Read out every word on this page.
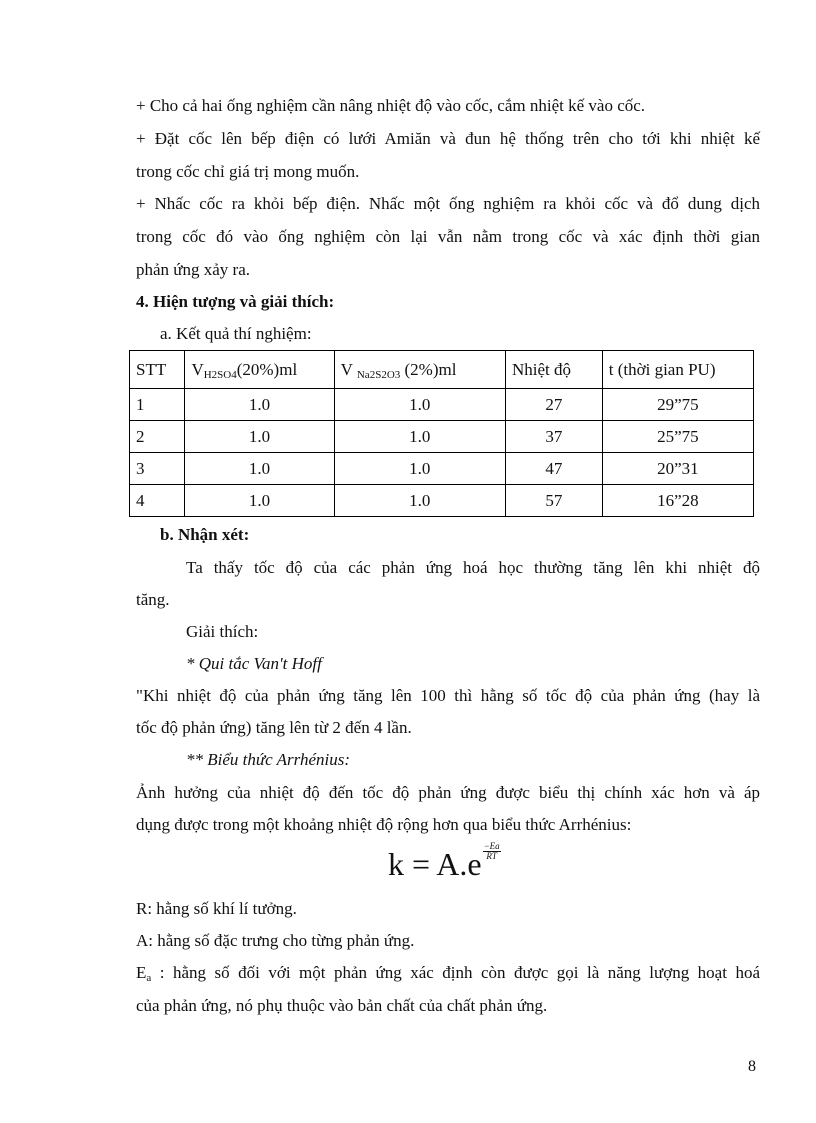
+ Cho cả hai ống nghiệm cần nâng nhiệt độ vào cốc, cắm nhiệt kế vào cốc.
+ Đặt cốc lên bếp điện có lưới Amiăn và đun hệ thống trên cho tới khi nhiệt kế
trong cốc chỉ giá trị mong muốn.
+ Nhấc cốc ra khỏi bếp điện. Nhấc một ống nghiệm ra khỏi cốc và đổ dung dịch
trong cốc đó vào ống nghiệm còn lại vẫn nằm trong cốc và xác định thời gian
phản ứng xảy ra.
4. Hiện tượng và giải thích:
a. Kết quả thí nghiệm:
STT	$V_{H2SO4}(20\%)ml$	V $_{Na2S2O3}$ (2%)ml	Nhiệt độ	t (thời gian PU)
1	1.0	1.0	27	29”75
2	1.0	1.0	37	25”75
3	1.0	1.0	47	20”31
4	1.0	1.0	57	16”28
b. Nhận xét:
Ta thấy tốc độ của các phản ứng hoá học thường tăng lên khi nhiệt độ
tăng.
Giải thích:
* Qui tắc Van't Hoff
"Khi nhiệt độ của phản ứng tăng lên 100 thì hằng số tốc độ của phản ứng (hay là
tốc độ phản ứng) tăng lên từ 2 đến 4 lần.
** Biểu thức Arrhénius:
Ảnh hưởng của nhiệt độ đến tốc độ phản ứng được biểu thị chính xác hơn và áp
dụng được trong một khoảng nhiệt độ rộng hơn qua biểu thức Arrhénius:
$k = A.e \frac{-Ea}{RT}$
R: hằng số khí lí tưởng.
A: hằng số đặc trưng cho từng phản ứng.
$E_a$ : hằng số đối với một phản ứng xác định còn được gọi là năng lượng hoạt hoá
của phản ứng, nó phụ thuộc vào bản chất của chất phản ứng.
8
